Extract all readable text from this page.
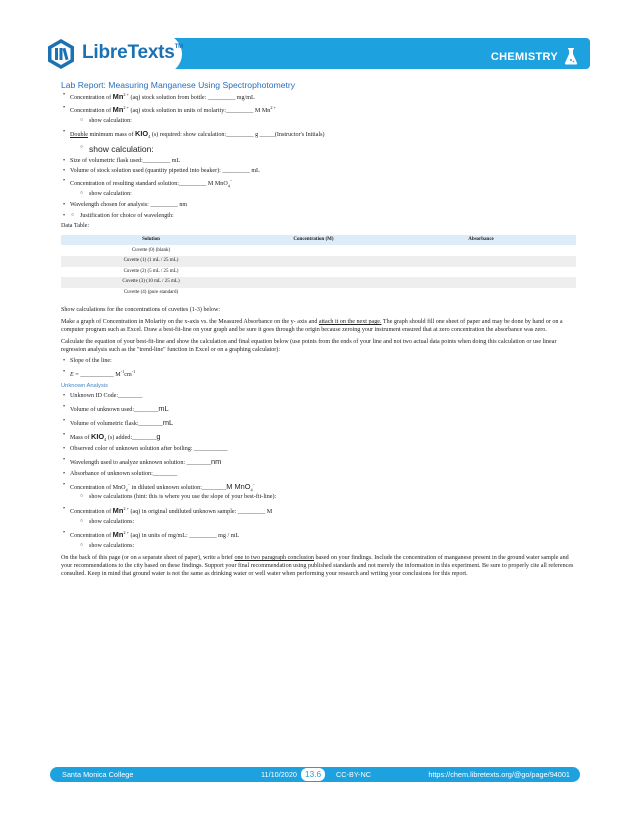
CHEMISTRY
LibreTexts™
Lab Report: Measuring Manganese Using Spectrophotometry
• Concentration of $Mn^{2 +}$ (aq) stock solution from bottle: _________ mg/mL
• Concentration of $Mn^{2 +}$ (aq) stock solution in units of molarity:_________ M $Mn^{2 +}$
○ show calculation:
• Double minimum mass of $KIO_4$ (s) required: show calculation:_________ g _____(Instructor's Initials)
○ show calculation:
• Size of volumetric flask used:_________ mL
• Volume of stock solution used (quantity pipetted into beaker): _________ mL
• Concentration of resulting standard solution:_________ M MnO$_4$−
○ show calculation:
• Wavelength chosen for analysis: _________ nm
○ • Justification for choice of wavelength:
Data Table:
Solution	Concentration (M)	Absorbance
Cuvette (0) (blank)		
Cuvette (1) (1 mL / 25 mL)		
Cuvette (2) (5 mL / 25 mL)		
Cuvette (3) (10 mL / 25 mL)		
Cuvette (4) (pure standard)		

Show calculations for the concentrations of cuvettes (1-3) below:

Make a graph of Concentration in Molarity on the x-axis vs. the Measured Absorbance on the y- axis and attach it on the next page. The graph should fill one sheet of paper and may be done by hand or on a computer program such as Excel. Draw a best-fit-line on your graph and be sure it goes through the origin because zeroing your instrument ensured that at zero concentration the absorbance was zero.

Calculate the equation of your best-fit-line and show the calculation and final equation below (use points from the ends of your line and not two actual data points when doing this calculation or use linear regression analysis such as the "trend-line" function in Excel or on a graphing calculator):

• Slope of the line:
• E = ___________ $M^{-1}cm^{-1}$
Unknown Analysis
• Unknown ID Code:________
• Volume of unknown used:________mL
• Volume of volumetric flask:________mL
• Mass of $KIO_4$ (s) added:________g
• Observed color of unknown solution after boiling: ___________
• Wavelength used to analyze unknown solution: ________nm
• Absorbance of unknown solution:________
• Concentration of MnO$_4$− in diluted unknown solution:________M MnO$_4$−
○ show calculations (hint: this is where you use the slope of your best-fit-line):
• Concentration of $Mn^{2 +}$ (aq) in original undiluted unknown sample: _________ M
○ show calculations:
• Concentration of $Mn^{2 +}$ (aq) in units of mg/mL: _________ mg / mL
○ show calculations:

On the back of this page (or on a separate sheet of paper), write a brief one to two paragraph conclusion based on your findings. Include the concentration of manganese present in the ground water sample and your recommendations to the city based on these findings. Support your final recommendation using published standards and not merely the information in this experiment. Be sure to properly cite all references consulted. Keep in mind that ground water is not the same as drinking water or well water when performing your research and writing your conclusions for this report.

Santa Monica College	11/10/2020 13.6	CC-BY-NC	https://chem.libretexts.org/@go/page/94001
